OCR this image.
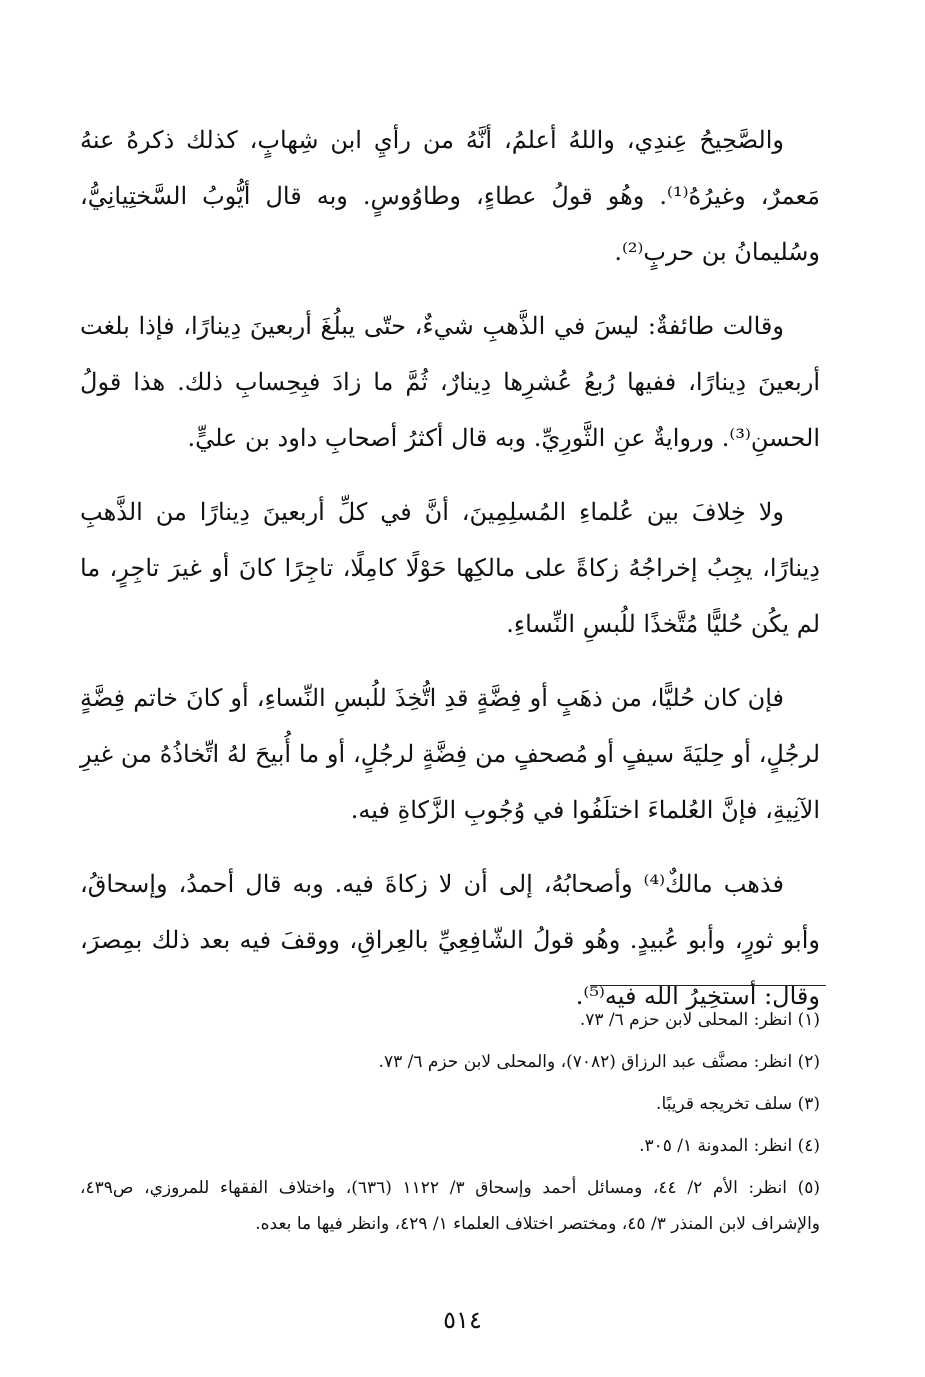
والصَّحِيحُ عِندِي، واللهُ أعلمُ، أنَّهُ من رأيِ ابن شِهابٍ، كذلك ذكرهُ عنهُ مَعمرٌ، وغيرُهُ⁽¹⁾. وهُو قولُ عطاءٍ، وطاوُوسٍ. وبه قال أيُّوبُ السَّختِيانِيُّ، وسُليمانُ بن حربٍ⁽²⁾.

وقالت طائفةٌ: ليسَ في الذَّهبِ شيءٌ، حتّى يبلُغَ أربعينَ دِينارًا، فإذا بلغت أربعينَ دِينارًا، ففيها رُبعُ عُشرِها دِينارٌ، ثُمَّ ما زادَ فبِحِسابِ ذلك. هذا قولُ الحسنِ⁽³⁾. وروايةٌ عنِ الثَّورِيِّ. وبه قال أكثرُ أصحابِ داود بن عليٍّ.

ولا خِلافَ بين عُلماءِ المُسلِمِينَ، أنَّ في كلِّ أربعينَ دِينارًا من الذَّهبِ دِينارًا، يجِبُ إخراجُهُ زكاةً على مالكِها حَوْلًا كامِلًا، تاجِرًا كانَ أو غيرَ تاجِرٍ، ما لم يكُن حُليًّا مُتَّخذًا للُبسِ النِّساءِ.

فإن كان حُليًّا، من ذهَبٍ أو فِضَّةٍ قدِ اتُّخِذَ للُبسِ النِّساءِ، أو كانَ خاتم فِضَّةٍ لرجُلٍ، أو حِليَةَ سيفٍ أو مُصحفٍ من فِضَّةٍ لرجُلٍ، أو ما أُبيحَ لهُ اتِّخاذُهُ من غيرِ الآنِيةِ، فإنَّ العُلماءَ اختلَفُوا في وُجُوبِ الزَّكاةِ فيه.

فذهب مالكٌ⁽⁴⁾ وأصحابُهُ، إلى أن لا زكاةَ فيه. وبه قال أحمدُ، وإسحاقُ، وأبو ثورٍ، وأبو عُبيدٍ. وهُو قولُ الشّافِعِيِّ بالعِراقِ، ووقفَ فيه بعد ذلك بمِصرَ، وقال: أستخِيرُ الله فيه⁽⁵⁾.

(١) انظر: المحلى لابن حزم ٦/ ٧٣.

(٢) انظر: مصنَّف عبد الرزاق (٧٠٨٢)، والمحلى لابن حزم ٦/ ٧٣.

(٣) سلف تخريجه قريبًا.

(٤) انظر: المدونة ١/ ٣٠٥.

(٥) انظر: الأم ٢/ ٤٤، ومسائل أحمد وإسحاق ٣/ ١١٢٢ (٦٣٦)، واختلاف الفقهاء للمروزي، ص٤٣٩، والإشراف لابن المنذر ٣/ ٤٥، ومختصر اختلاف العلماء ١/ ٤٢٩، وانظر فيها ما بعده.

٥١٤
